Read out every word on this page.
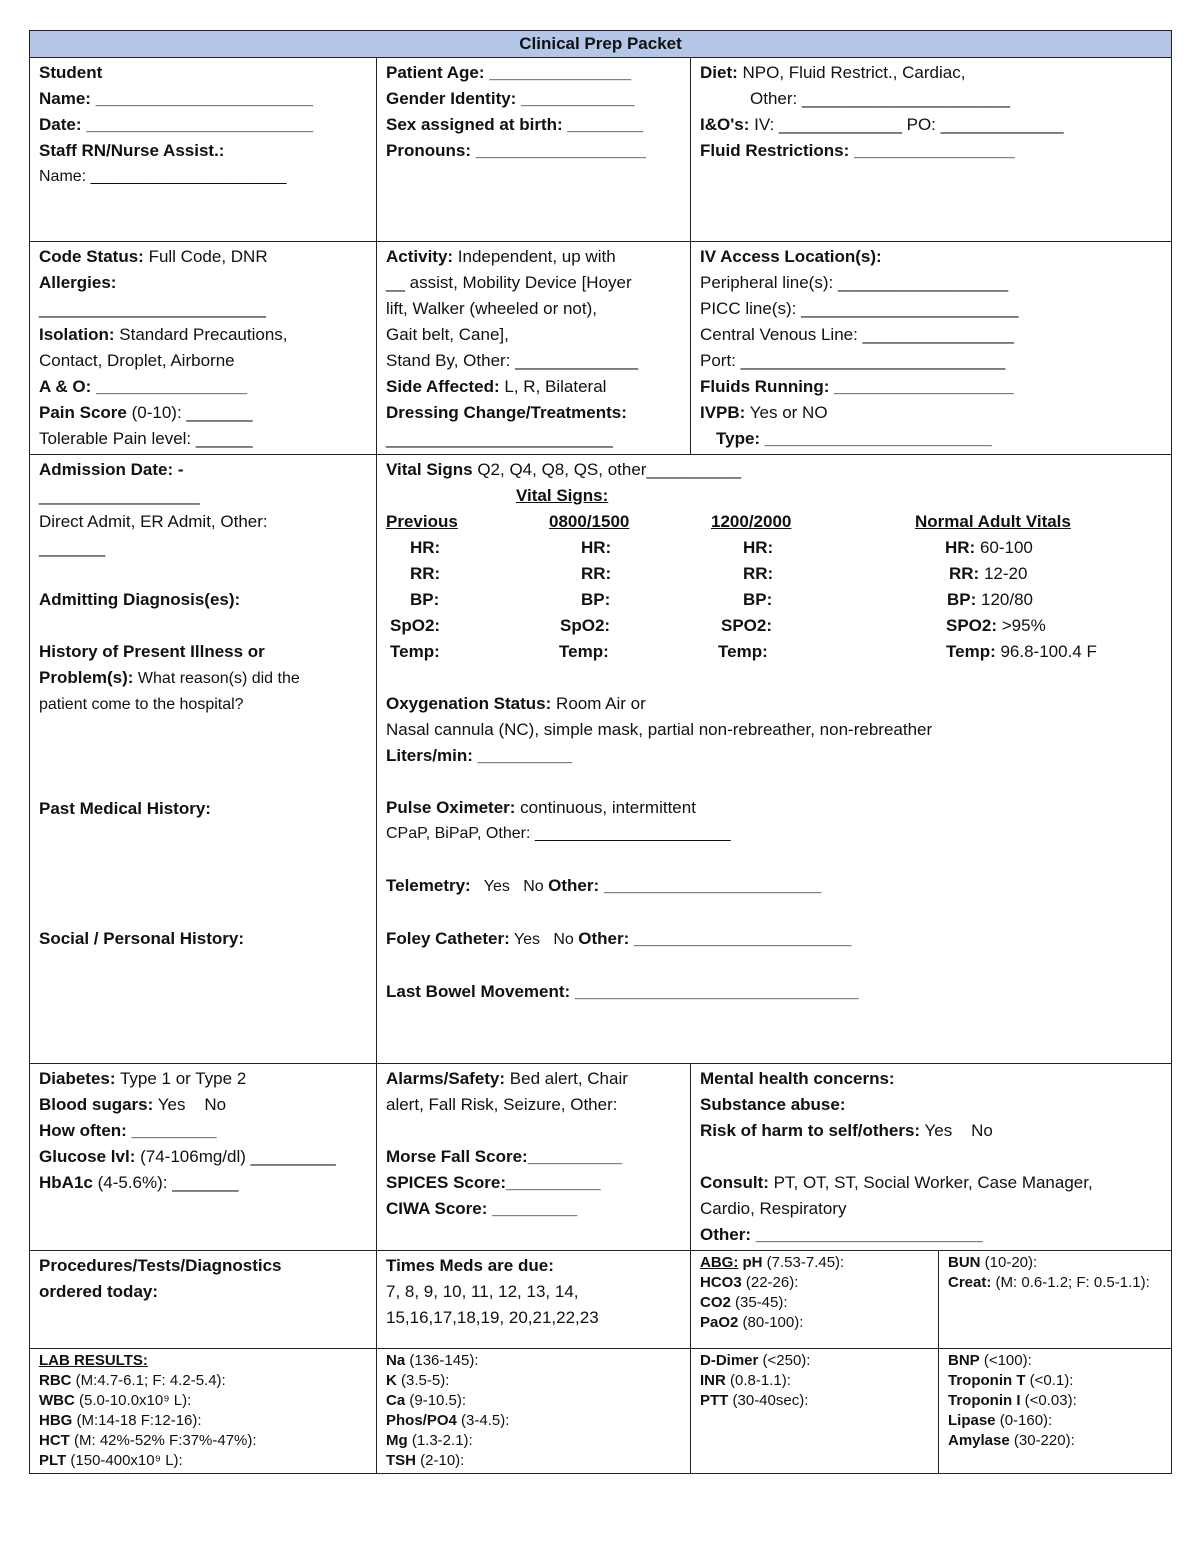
Clinical Prep Packet

Student
Name: _______________________
Date: ________________________
Staff RN/Nurse Assist.:
Name: ______________________

Patient Age: _______________
Gender Identity: ____________
Sex assigned at birth: ________
Pronouns: __________________

Diet: NPO, Fluid Restrict., Cardiac,
Other: ______________________
I&O's: IV: _____________ PO: _____________
Fluid Restrictions: _________________

Code Status: Full Code, DNR
Allergies:
________________________
Isolation: Standard Precautions,
Contact, Droplet, Airborne
A & O: ________________
Pain Score (0-10): _______
Tolerable Pain level: ______

Activity: Independent, up with
__ assist, Mobility Device [Hoyer
lift, Walker (wheeled or not),
Gait belt, Cane],
Stand By, Other: _____________
Side Affected: L, R, Bilateral
Dressing Change/Treatments:
________________________

IV Access Location(s):
Peripheral line(s): __________________
PICC line(s): _______________________
Central Venous Line: ________________
Port: ____________________________
Fluids Running: ___________________
IVPB: Yes or NO
Type: ________________________

Admission Date: -
_________________
Direct Admit, ER Admit, Other:
_______
Admitting Diagnosis(es):
History of Present Illness or
Problem(s): What reason(s) did the
patient come to the hospital?
Past Medical History:
Social / Personal History:

Vital Signs Q2, Q4, Q8, QS, other__________
Vital Signs:
Previous	0800/1500	1200/2000	Normal Adult Vitals
HR:	HR:	HR:	HR: 60-100
RR:	RR:	RR:	RR: 12-20
BP:	BP:	BP:	BP: 120/80
SpO2:	SpO2:	SPO2:	SPO2: >95%
Temp:	Temp:	Temp:	Temp: 96.8-100.4 F
Oxygenation Status: Room Air or
Nasal cannula (NC), simple mask, partial non-rebreather, non-rebreather
Liters/min: __________
Pulse Oximeter: continuous, intermittent
CPaP, BiPaP, Other: ______________________
Telemetry:   Yes   No Other: _______________________
Foley Catheter: Yes   No Other: _______________________
Last Bowel Movement: ______________________________

Diabetes: Type 1 or Type 2
Blood sugars: Yes    No
How often: _________
Glucose lvl: (74-106mg/dl) _________
HbA1c (4-5.6%): _______

Alarms/Safety: Bed alert, Chair
alert, Fall Risk, Seizure, Other:
Morse Fall Score:__________
SPICES Score:__________
CIWA Score: _________

Mental health concerns:
Substance abuse:
Risk of harm to self/others: Yes    No
Consult: PT, OT, ST, Social Worker, Case Manager,
Cardio, Respiratory
Other: ________________________

Procedures/Tests/Diagnostics
ordered today:

Times Meds are due:
7, 8, 9, 10, 11, 12, 13, 14,
15,16,17,18,19, 20,21,22,23

ABG: pH (7.53-7.45):
HCO3 (22-26):
CO2 (35-45):
PaO2 (80-100):

BUN (10-20):
Creat: (M: 0.6-1.2; F: 0.5-1.1):

LAB RESULTS:
RBC (M:4.7-6.1; F: 4.2-5.4):
WBC (5.0-10.0x10⁹ L):
HBG (M:14-18 F:12-16):
HCT (M: 42%-52% F:37%-47%):
PLT (150-400x10⁹ L):

Na (136-145):
K (3.5-5):
Ca (9-10.5):
Phos/PO4 (3-4.5):
Mg (1.3-2.1):
TSH (2-10):

D-Dimer (<250):
INR (0.8-1.1):
PTT (30-40sec):

BNP (<100):
Troponin T (<0.1):
Troponin I (<0.03):
Lipase (0-160):
Amylase (30-220):
